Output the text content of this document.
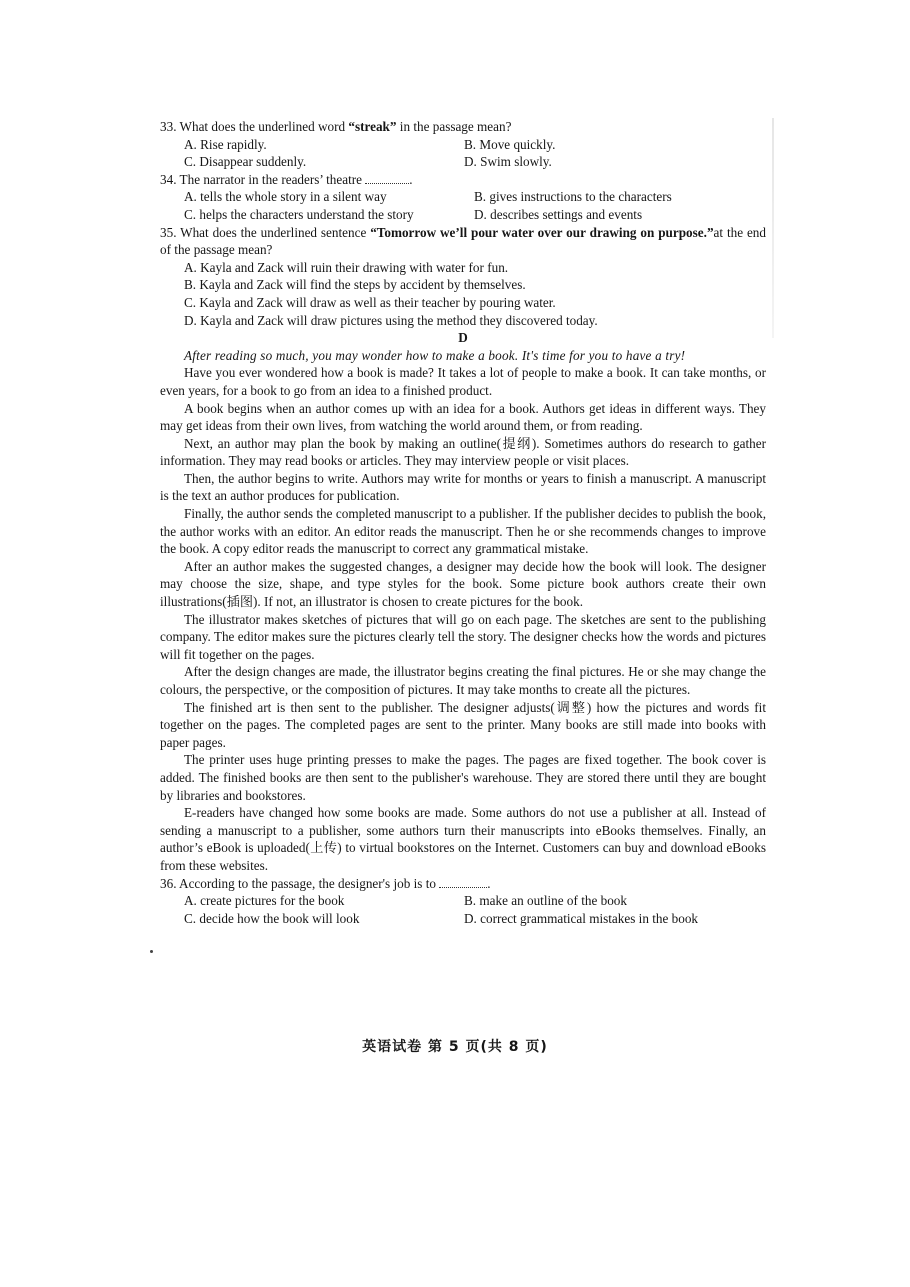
33. What does the underlined word “streak” in the passage mean?
A. Rise rapidly.	B. Move quickly.
C. Disappear suddenly.	D. Swim slowly.
34. The narrator in the readers’ theatre	.
A. tells the whole story in a silent way	B. gives instructions to the characters
C. helps the characters understand the story	D. describes settings and events
35. What does the underlined sentence “Tomorrow we’ll pour water over our drawing on purpose.”at the end of the passage mean?
A. Kayla and Zack will ruin their drawing with water for fun.
B. Kayla and Zack will find the steps by accident by themselves.
C. Kayla and Zack will draw as well as their teacher by pouring water.
D. Kayla and Zack will draw pictures using the method they discovered today.
D
After reading so much, you may wonder how to make a book. It's time for you to have a try!

Have you ever wondered how a book is made? It takes a lot of people to make a book. It can take months, or even years, for a book to go from an idea to a finished product.

A book begins when an author comes up with an idea for a book. Authors get ideas in different ways. They may get ideas from their own lives, from watching the world around them, or from reading.

Next, an author may plan the book by making an outline(提纲). Sometimes authors do research to gather information. They may read books or articles. They may interview people or visit places.

Then, the author begins to write. Authors may write for months or years to finish a manuscript. A manuscript is the text an author produces for publication.

Finally, the author sends the completed manuscript to a publisher. If the publisher decides to publish the book, the author works with an editor. An editor reads the manuscript. Then he or she recommends changes to improve the book. A copy editor reads the manuscript to correct any grammatical mistake.

After an author makes the suggested changes, a designer may decide how the book will look. The designer may choose the size, shape, and type styles for the book. Some picture book authors create their own illustrations(插图). If not, an illustrator is chosen to create pictures for the book.

The illustrator makes sketches of pictures that will go on each page. The sketches are sent to the publishing company. The editor makes sure the pictures clearly tell the story. The designer checks how the words and pictures will fit together on the pages.

After the design changes are made, the illustrator begins creating the final pictures. He or she may change the colours, the perspective, or the composition of pictures. It may take months to create all the pictures.

The finished art is then sent to the publisher. The designer adjusts(调整) how the pictures and words fit together on the pages. The completed pages are sent to the printer. Many books are still made into books with paper pages.

The printer uses huge printing presses to make the pages. The pages are fixed together. The book cover is added. The finished books are then sent to the publisher's warehouse. They are stored there until they are bought by libraries and bookstores.

E-readers have changed how some books are made. Some authors do not use a publisher at all. Instead of sending a manuscript to a publisher, some authors turn their manuscripts into eBooks themselves. Finally, an author’s eBook is uploaded(上传) to virtual bookstores on the Internet. Customers can buy and download eBooks from these websites.

36. According to the passage, the designer's job is to	.
A. create pictures for the book	B. make an outline of the book
C. decide how the book will look	D. correct grammatical mistakes in the book
英语试卷 第 5 页(共 8 页)
